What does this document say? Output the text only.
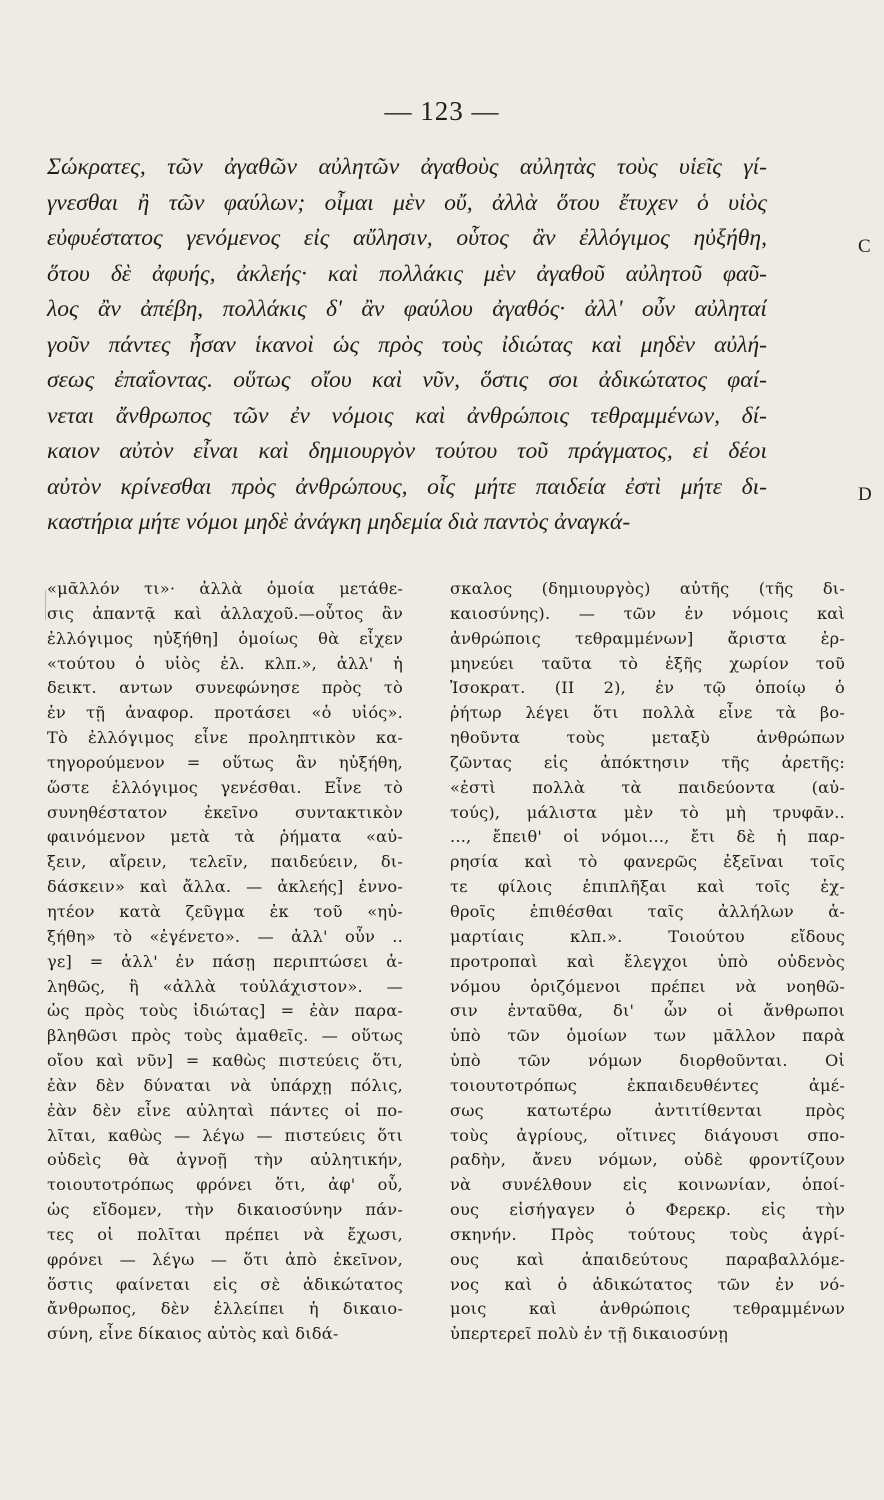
— 123 —
Σώκρατες, τῶν ἀγαθῶν αὐλητῶν ἀγαθοὺς αὐλητὰς τοὺς υἱεῖς γί-
γνεσθαι ἢ τῶν φαύλων; οἶμαι μὲν οὔ, ἀλλὰ ὅτου ἔτυχεν ὁ υἱὸς
εὐφυέστατος γενόμενος εἰς αὔλησιν, οὗτος ἂν ἐλλόγιμος ηὐξήθη,
ὅτου δὲ ἀφυής, ἀκλεής· καὶ πολλάκις μὲν ἀγαθοῦ αὐλητοῦ φαῦ-
λος ἂν ἀπέβη, πολλάκις δ' ἂν φαύλου ἀγαθός· ἀλλ' οὖν αὐληταί
γοῦν πάντες ἦσαν ἱκανοὶ ὡς πρὸς τοὺς ἰδιώτας καὶ μηδὲν αὐλή-
σεως ἐπαΐοντας. οὕτως οἴου καὶ νῦν, ὅστις σοι ἀδικώτατος φαί-
νεται ἄνθρωπος τῶν ἐν νόμοις καὶ ἀνθρώποις τεθραμμένων, δί-
καιον αὐτὸν εἶναι καὶ δημιουργὸν τούτου τοῦ πράγματος, εἰ δέοι
αὐτὸν κρίνεσθαι πρὸς ἀνθρώπους, οἷς μήτε παιδεία ἐστὶ μήτε δι-
καστήρια μήτε νόμοι μηδὲ ἀνάγκη μηδεμία διὰ παντὸς ἀναγκά-
C
D
«μᾶλλόν τι»· ἀλλὰ ὁμοία μετάθε-
σις ἀπαντᾷ καὶ ἀλλαχοῦ.—οὗτος ἂν
ἐλλόγιμος ηὐξήθη] ὁμοίως θὰ εἶχεν
«τούτου ὁ υἱὸς ἐλ. κλπ.», ἀλλ' ἡ
δεικτ. αντων συνεφώνησε πρὸς τὸ
ἐν τῇ ἀναφορ. προτάσει «ὁ υἱός».
Τὸ ἐλλόγιμος εἶνε προληπτικὸν κα-
τηγορούμενον = οὕτως ἂν ηὐξήθη,
ὥστε ἐλλόγιμος γενέσθαι. Εἶνε τὸ
συνηθέστατον ἐκεῖνο συντακτικὸν
φαινόμενον μετὰ τὰ ῥήματα «αὐ-
ξειν, αἴρειν, τελεῖν, παιδεύειν, δι-
δάσκειν» καὶ ἄλλα. — ἀκλεής] ἐννο-
ητέον κατὰ ζεῦγμα ἐκ τοῦ «ηὐ-
ξήθη» τὸ «ἐγένετο». — ἀλλ' οὖν ..
γε] = ἀλλ' ἐν πάσῃ περιπτώσει ἀ-
ληθῶς, ἢ «ἀλλὰ τοὐλάχιστον». —
ὡς πρὸς τοὺς ἰδιώτας] = ἐὰν παρα-
βληθῶσι πρὸς τοὺς ἀμαθεῖς. — οὕτως
οἴου καὶ νῦν] = καθὼς πιστεύεις ὅτι,
ἐὰν δὲν δύναται νὰ ὑπάρχῃ πόλις,
ἐὰν δὲν εἶνε αὐληταὶ πάντες οἱ πο-
λῖται, καθὼς — λέγω — πιστεύεις ὅτι
οὐδεὶς θὰ ἀγνοῇ τὴν αὐλητικήν,
τοιουτοτρόπως φρόνει ὅτι, ἀφ' οὗ,
ὡς εἴδομεν, τὴν δικαιοσύνην πάν-
τες οἱ πολῖται πρέπει νὰ ἔχωσι,
φρόνει — λέγω — ὅτι ἀπὸ ἐκεῖνον,
ὅστις φαίνεται εἰς σὲ ἀδικώτατος
ἄνθρωπος, δὲν ἐλλείπει ἡ δικαιο-
σύνη, εἶνε δίκαιος αὐτὸς καὶ διδά-
σκαλος (δημιουργὸς) αὐτῆς (τῆς δι-
καιοσύνης). — τῶν ἐν νόμοις καὶ
ἀνθρώποις τεθραμμένων] ἄριστα ἑρ-
μηνεύει ταῦτα τὸ ἑξῆς χωρίον τοῦ
Ἰσοκρατ. (II 2), ἐν τῷ ὁποίῳ ὁ
ῥήτωρ λέγει ὅτι πολλὰ εἶνε τὰ βο-
ηθοῦντα τοὺς μεταξὺ ἀνθρώπων
ζῶντας εἰς ἀπόκτησιν τῆς ἀρετῆς:
«ἐστὶ πολλὰ τὰ παιδεύοντα (αὐ-
τούς), μάλιστα μὲν τὸ μὴ τρυφᾶν..
..., ἔπειθ' οἱ νόμοι..., ἔτι δὲ ἡ παρ-
ρησία καὶ τὸ φανερῶς ἐξεῖναι τοῖς
τε φίλοις ἐπιπλῆξαι καὶ τοῖς ἐχ-
θροῖς ἐπιθέσθαι ταῖς ἀλλήλων ἁ-
μαρτίαις κλπ.». Τοιούτου εἴδους
προτροπαὶ καὶ ἔλεγχοι ὑπὸ οὐδενὸς
νόμου ὁριζόμενοι πρέπει νὰ νοηθῶ-
σιν ἐνταῦθα, δι' ὧν οἱ ἄνθρωποι
ὑπὸ τῶν ὁμοίων των μᾶλλον παρὰ
ὑπὸ τῶν νόμων διορθοῦνται. Οἱ
τοιουτοτρόπως ἐκπαιδευθέντες ἀμέ-
σως κατωτέρω ἀντιτίθενται πρὸς
τοὺς ἀγρίους, οἵτινες διάγουσι σπο-
ραδὴν, ἄνευ νόμων, οὐδὲ φροντίζουν
νὰ συνέλθουν εἰς κοινωνίαν, ὁποί-
ους εἰσήγαγεν ὁ Φερεκρ. εἰς τὴν
σκηνήν. Πρὸς τούτους τοὺς ἀγρί-
ους καὶ ἀπαιδεύτους παραβαλλόμε-
νος καὶ ὁ ἀδικώτατος τῶν ἐν νό-
μοις καὶ ἀνθρώποις τεθραμμένων
ὑπερτερεῖ πολὺ ἐν τῇ δικαιοσύνῃ
